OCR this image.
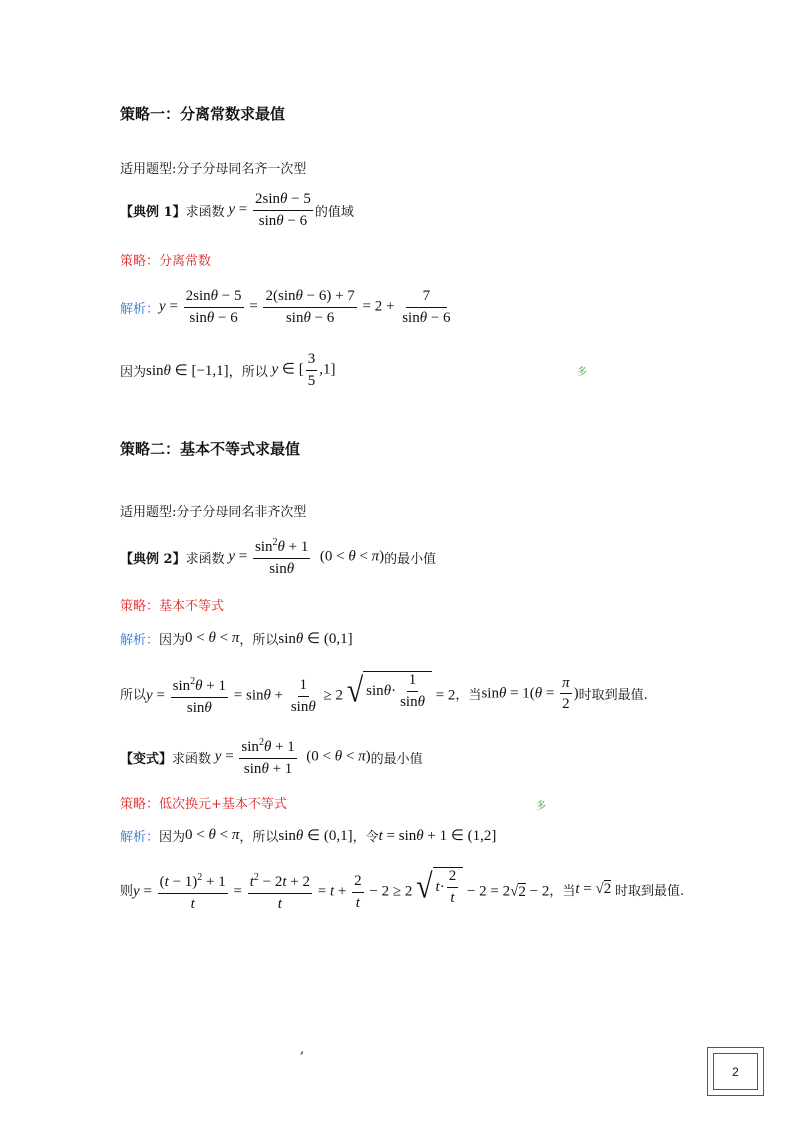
策略一：分离常数求最值
适用题型:分子分母同名齐一次型
【典例 1】 求函数 $y = \frac{2\sin\theta - 5}{\sin\theta - 6}$ 的值域
策略：分离常数
解析： $y = \frac{2\sin\theta - 5}{\sin\theta - 6} = \frac{2(\sin\theta - 6) + 7}{\sin\theta - 6} = 2 + \frac{7}{\sin\theta - 6}$
因为 sinθ ∈ [−1,1] ，所以 y ∈ [ $\frac{3}{5} ,1$]	多
策略二：基本不等式求最值
适用题型:分子分母同名非齐次型
【典例 2】 求函数 $y = \frac{\sin^2\theta + 1}{\sin\theta} (0 < \theta < \pi)$ 的最小值
策略：基本不等式
解析： 因为 0 < θ < π ，所以 sinθ ∈ (0,1]
所以 $y = \frac{\sin^2\theta + 1}{\sin\theta} = \sin\theta + \frac{1}{\sin\theta} \ge 2$ √ $\sin \theta \cdot \frac{1}{\sin\theta} = 2$ ，当 $\sin\theta = 1(\theta = \frac{\pi}{2}$ ) 时取到最值.
【变式】 求函数 $y = \frac{\sin^2\theta + 1}{\sin\theta + 1} (0 < \theta < \pi)$ 的最小值
策略：低次换元+基本不等式	多
解析： 因为 0 < θ < π ，所以 sinθ ∈ (0,1] ，令 t = sinθ + 1 ∈ (1,2]
则 $y = \frac{(t - 1)^2 + 1}{t} = \frac{t^2 - 2t + 2}{t} = t + \frac{2}{t} - 2 \ge 2$ √ $t \cdot \frac{2}{t} - 2 = 2√2 - 2$ ，当 t = √2 时取到最值.
,
2
